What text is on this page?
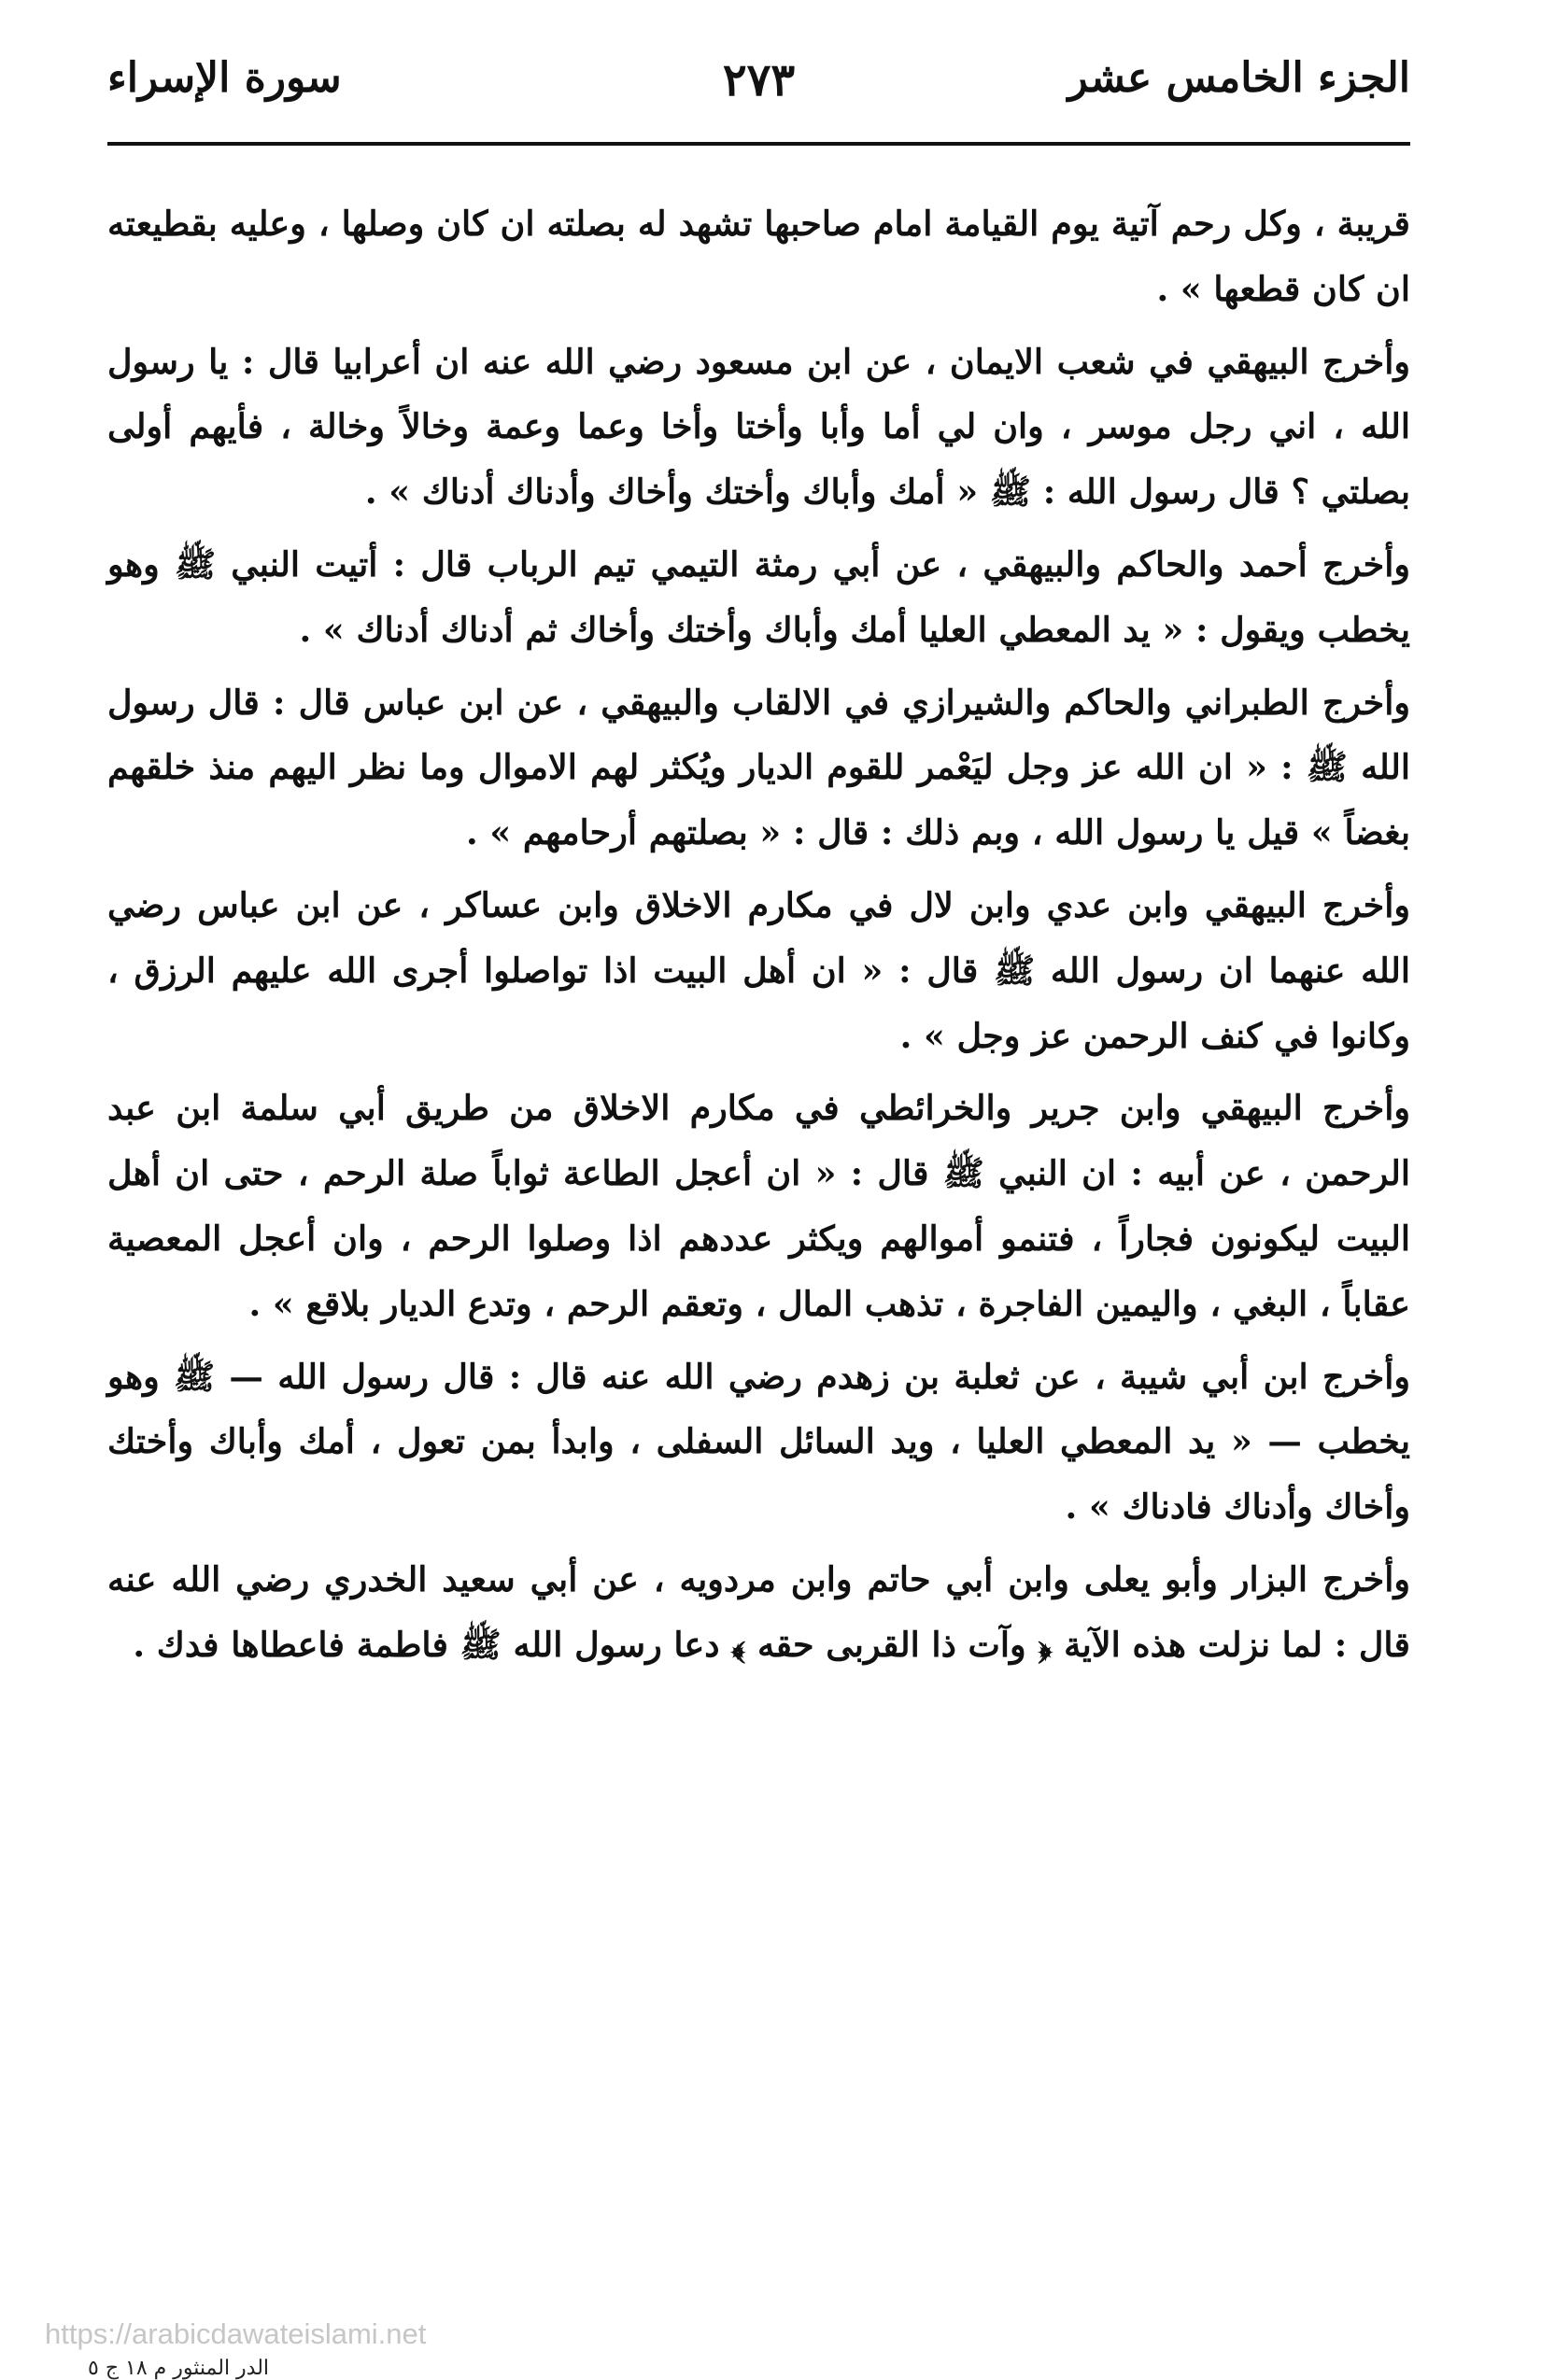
الجزء الخامس عشر
٢٧٣
سورة الإسراء

قريبة ، وكل رحم آتية يوم القيامة امام صاحبها تشهد له بصلته ان كان وصلها ، وعليه بقطيعته ان كان قطعها » .

وأخرج البيهقي في شعب الايمان ، عن ابن مسعود رضي الله عنه ان أعرابيا قال : يا رسول الله ، اني رجل موسر ، وان لي أما وأبا وأختا وأخا وعما وعمة وخالاً وخالة ، فأيهم أولى بصلتي ؟ قال رسول الله : ﷺ « أمك وأباك وأختك وأخاك وأدناك أدناك » .

وأخرج أحمد والحاكم والبيهقي ، عن أبي رمثة التيمي تيم الرباب قال : أتيت النبي ﷺ وهو يخطب ويقول : « يد المعطي العليا أمك وأباك وأختك وأخاك ثم أدناك أدناك » .

وأخرج الطبراني والحاكم والشيرازي في الالقاب والبيهقي ، عن ابن عباس قال : قال رسول الله ﷺ : « ان الله عز وجل ليَعْمر للقوم الديار ويُكثر لهم الاموال وما نظر اليهم منذ خلقهم بغضاً » قيل يا رسول الله ، وبم ذلك : قال : « بصلتهم أرحامهم » .

وأخرج البيهقي وابن عدي وابن لال في مكارم الاخلاق وابن عساكر ، عن ابن عباس رضي الله عنهما ان رسول الله ﷺ قال : « ان أهل البيت اذا تواصلوا أجرى الله عليهم الرزق ، وكانوا في كنف الرحمن عز وجل » .

وأخرج البيهقي وابن جرير والخرائطي في مكارم الاخلاق من طريق أبي سلمة ابن عبد الرحمن ، عن أبيه : ان النبي ﷺ قال : « ان أعجل الطاعة ثواباً صلة الرحم ، حتى ان أهل البيت ليكونون فجاراً ، فتنمو أموالهم ويكثر عددهم اذا وصلوا الرحم ، وان أعجل المعصية عقاباً ، البغي ، واليمين الفاجرة ، تذهب المال ، وتعقم الرحم ، وتدع الديار بلاقع » .

وأخرج ابن أبي شيبة ، عن ثعلبة بن زهدم رضي الله عنه قال : قال رسول الله — ﷺ وهو يخطب — « يد المعطي العليا ، ويد السائل السفلى ، وابدأ بمن تعول ، أمك وأباك وأختك وأخاك وأدناك فادناك » .

وأخرج البزار وأبو يعلى وابن أبي حاتم وابن مردويه ، عن أبي سعيد الخدري رضي الله عنه قال : لما نزلت هذه الآية ﴿ وآت ذا القربى حقه ﴾ دعا رسول الله ﷺ فاطمة فاعطاها فدك .

https://arabicdawateislami.net
الدر المنثور م ١٨ ج ٥
